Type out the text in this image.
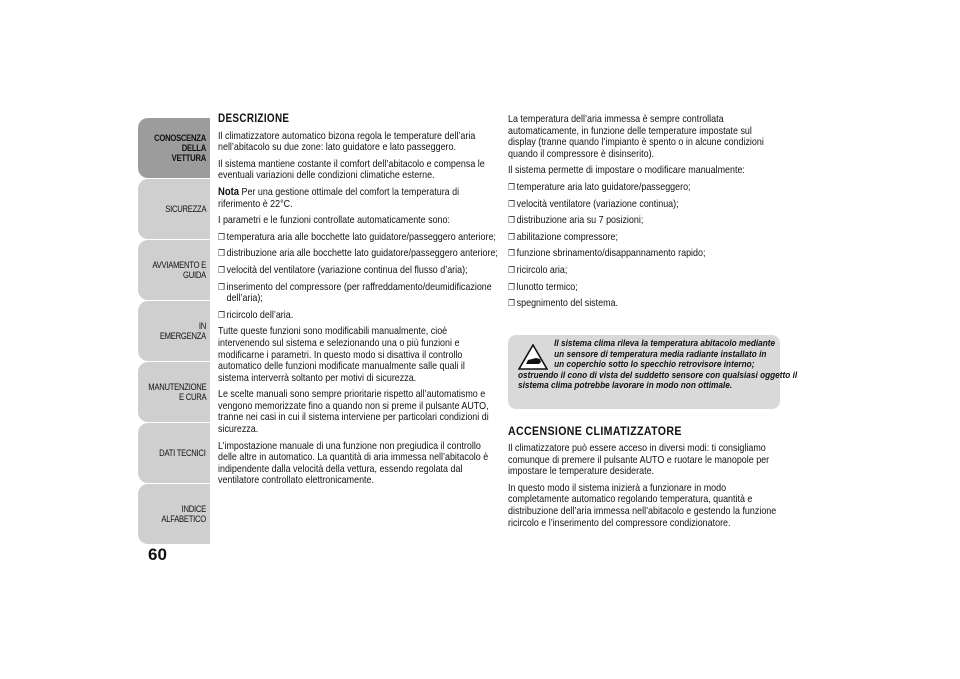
CONOSCENZA DELLA VETTURA
SICUREZZA
AVVIAMENTO E GUIDA
IN EMERGENZA
MANUTENZIONE E CURA
DATI TECNICI
INDICE ALFABETICO
60

DESCRIZIONE

Il climatizzatore automatico bizona regola le temperature dell’aria nell’abitacolo su due zone: lato guidatore e lato passeggero.

Il sistema mantiene costante il comfort dell’abitacolo e compensa le eventuali variazioni delle condizioni climatiche esterne.

Nota Per una gestione ottimale del comfort la temperatura di riferimento è 22°C.

I parametri e le funzioni controllate automaticamente sono:

❐ temperatura aria alle bocchette lato guidatore/passeggero anteriore;

❐ distribuzione aria alle bocchette lato guidatore/passeggero anteriore;

❐ velocità del ventilatore (variazione continua del flusso d’aria);

❐ inserimento del compressore (per raffreddamento/deumidificazione dell’aria);

❐ ricircolo dell’aria.

Tutte queste funzioni sono modificabili manualmente, cioè intervenendo sul sistema e selezionando una o più funzioni e modificarne i parametri. In questo modo si disattiva il controllo automatico delle funzioni modificate manualmente salle quali il sistema interverrà soltanto per motivi di sicurezza.

Le scelte manuali sono sempre prioritarie rispetto all’automatismo e vengono memorizzate fino a quando non si preme il pulsante AUTO, tranne nei casi in cui il sistema interviene per particolari condizioni di sicurezza.

L’impostazione manuale di una funzione non pregiudica il controllo delle altre in automatico. La quantità di aria immessa nell’abitacolo è indipendente dalla velocità della vettura, essendo regolata dal ventilatore controllato elettronicamente.

La temperatura dell’aria immessa è sempre controllata automaticamente, in funzione delle temperature impostate sul display (tranne quando l’impianto è spento o in alcune condizioni quando il compressore è disinserito).

Il sistema permette di impostare o modificare manualmente:

❐ temperature aria lato guidatore/passeggero;

❐ velocità ventilatore (variazione continua);

❐ distribuzione aria su 7 posizioni;

❐ abilitazione compressore;

❐ funzione sbrinamento/disappannamento rapido;

❐ ricircolo aria;

❐ lunotto termico;

❐ spegnimento del sistema.

Il sistema clima rileva la temperatura abitacolo mediante
un sensore di temperatura media radiante installato in
un coperchio sotto lo specchio retrovisore interno;
ostruendo il cono di vista del suddetto sensore con qualsiasi oggetto il
sistema clima potrebbe lavorare in modo non ottimale.
ACCENSIONE CLIMATIZZATORE

Il climatizzatore può essere acceso in diversi modi: ti consigliamo comunque di premere il pulsante AUTO e ruotare le manopole per impostare le temperature desiderate.

In questo modo il sistema inizierà a funzionare in modo completamente automatico regolando temperatura, quantità e distribuzione dell’aria immessa nell’abitacolo e gestendo la funzione ricircolo e l’inserimento del compressore condizionatore.
